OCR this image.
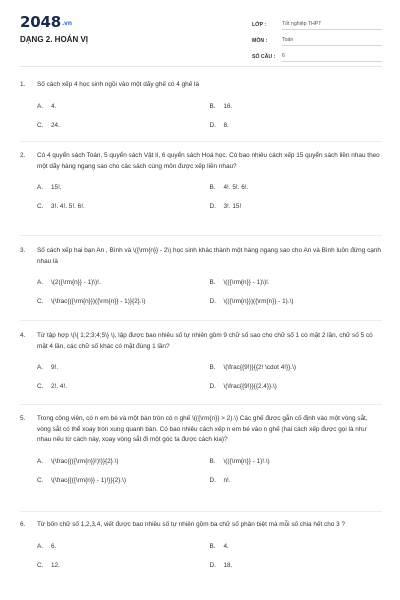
2048.vn
DẠNG 2. HOÁN VỊ
LỚP :	Tốt nghiệp THPT
MÔN :	Toán
SỐ CÂU :	6
1.	Số cách xếp 4 học sinh ngồi vào một dãy ghế có 4 ghế là
A.	4.	B.	16.
C.	24.	D.	8.
2.	Có 4 quyển sách Toán, 5 quyển sách Vật lí, 6 quyển sách Hoá học. Có bao nhiêu cách xếp 15 quyển sách liền nhau theo một dãy hàng ngang sao cho các sách cùng môn được xếp liền nhau?
A.	15!.	B.	4!. 5!. 6!.
C.	3!. 4!. 5!. 6!.	D.	3!. 15!
3.	Số cách xếp hai bạn An , Bình và \({\rm{n}} - 2\) học sinh khác thành một hàng ngang sao cho An và Bình luôn đứng cạnh nhau là
A.	\(2({\rm{n}} - 1)\)!.	B.	\(({\rm{n}} - 1)\)!.
C.	\(\frac{({\rm{n}})({\rm{n}} - 1)}{2}.\)	D.	\(({\rm{n}})({\rm{n}} - 1).\)
4.	Từ tập hợp \(\{ 1;2;3;4;5\} \), lập được bao nhiêu số tự nhiên gồm 9 chữ số sao cho chữ số 1 có mặt 2 lần, chữ số 5 có mặt 4 lần, các chữ số khác có mặt đúng 1 lần?
A.	9!.	B.	\(\frac{{9!}}{{2! \cdot 4!}}.\)
C.	2!. 4!.	D.	\(\frac{{9!}}{{2.4}}.\)
5.	Trong công viên, có n em bé và một bàn tròn có n ghế \(({\rm{n}} > 2).\) Các ghế được gắn cố định vào một vòng sắt, vòng sắt có thể xoay tròn xung quanh bàn. Có bao nhiêu cách xếp n em bé vào n ghế (hai cách xếp được gọi là như nhau nếu từ cách này, xoay vòng sắt đi một góc ta được cách kia)?
A.	\(\frac{{({\rm{n}}!)!}}{2}.\)	B.	\(({\rm{n}} - 1)!.\)
C.	\(\frac{{({\rm{n}} - 1)!}}{2}.\)	D.	n!.
6.	Từ bốn chữ số 1,2,3,4, viết được bao nhiêu số tự nhiên gồm ba chữ số phân biệt mà mỗi số chia hết cho 3 ?
A.	6.	B.	4.
C.	12.	D.	18.
